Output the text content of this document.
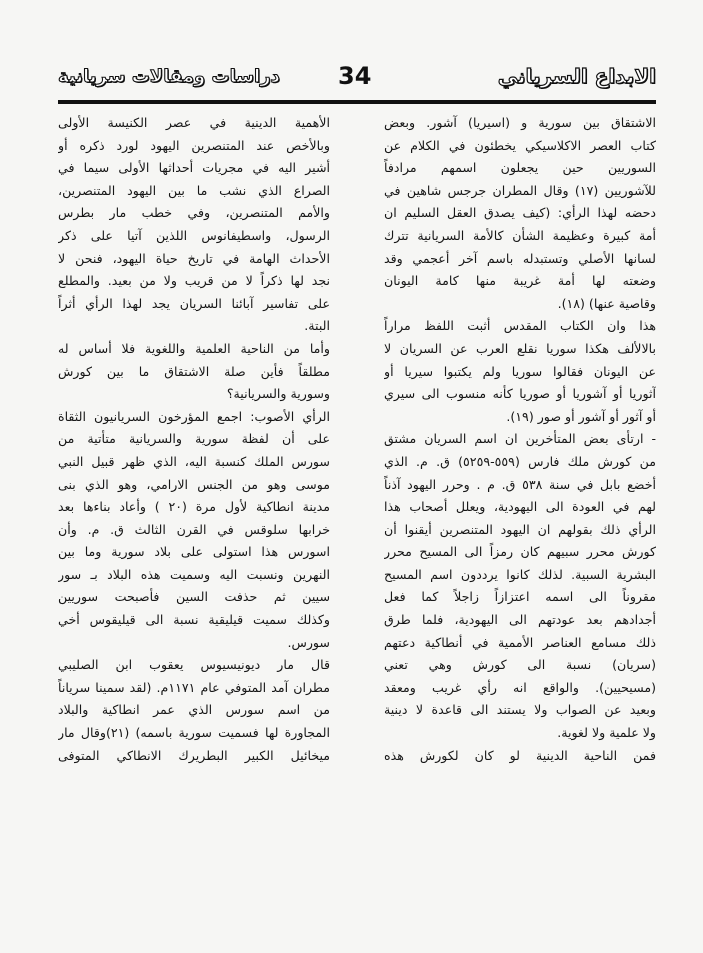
الابداع السرياني
34
دراسات ومقالات سريانية
الاشتقاق بين سورية و (اسيريا) آشور. وبعض
كتاب العصر الاكلاسيكي يخطئون في الكلام عن
السوريين حين يجعلون اسمهم مرادفاً
للآشوريين (١٧) وقال المطران جرجس شاهين في
دحضه لهذا الرأي: (كيف يصدق العقل السليم ان
أمة كبيرة وعظيمة الشأن كالأمة السريانية تترك
لسانها الأصلي وتستبدله باسم آخر أعجمي وقد
وضعته لها أمة غريبة منها كامة اليونان
وقاصية عنها) (١٨).
هذا وان الكتاب المقدس أثبت اللفظ مراراً
بالالألف هكذا سوريا نقلع العرب عن السريان لا
عن اليونان فقالوا سوريا ولم يكتبوا سيريا أو
آثوريا أو آشوريا أو صوريا كأنه منسوب الى سيري
أو آثور أو آشور أو صور (١٩).
- ارتأى بعض المتأخرين ان اسم السريان مشتق
من كورش ملك فارس (٥٥٩-٥٢٥٩) ق. م. الذي
أخضع بابل في سنة ٥٣٨ ق. م . وحرر اليهود آذناً
لهم في العودة الى اليهودية، ويعلل أصحاب هذا
الرأي ذلك بقولهم ان اليهود المتنصرين أيقنوا أن
كورش محرر سبيهم كان رمزاً الى المسيح محرر
البشرية السبية. لذلك كانوا يرددون اسم المسيح
مقروناً الى اسمه اعتزازاً زاجلاً كما فعل
أجدادهم بعد عودتهم الى اليهودية، فلما طرق
ذلك مسامع العناصر الأممية في أنطاكية دعتهم
(سريان) نسبة الى كورش وهي تعني
(مسيحيين). والواقع انه رأي غريب ومعقد
وبعيد عن الصواب ولا يستند الى قاعدة لا دينية
ولا علمية ولا لغوية.
فمن الناحية الدينية لو كان لكورش هذه
الأهمية الدينية في عصر الكنيسة الأولى
وبالأخص عند المتنصرين اليهود لورد ذكره أو
أشير اليه في مجريات أحداثها الأولى سيما في
الصراع الذي نشب ما بين اليهود المتنصرين،
والأمم المتنصرين، وفي خطب مار بطرس
الرسول، واسطيفانوس اللذين آتيا على ذكر
الأحداث الهامة في تاريخ حياة اليهود، فنحن لا
نجد لها ذكراً لا من قريب ولا من بعيد. والمطلع
على تفاسير آبائنا السريان يجد لهذا الرأي أثراً
البتة.
وأما من الناحية العلمية واللغوية فلا أساس له
مطلقاً فأين صلة الاشتقاق ما بين كورش
وسورية والسريانية؟
الرأي الأصوب: اجمع المؤرخون السريانيون الثقاة
على أن لفظة سورية والسريانية متأتية من
سورس الملك كنسبة اليه، الذي ظهر قبيل النبي
موسى وهو من الجنس الارامي، وهو الذي بنى
مدينة انطاكية لأول مرة (٢٠ ) وأعاد بناءها بعد
خرابها سلوقس في القرن الثالث ق. م. وأن
اسورس هذا استولى على بلاد سورية وما بين
النهرين ونسبت اليه وسميت هذه البلاد بـ سور
سيين ثم حذفت السين فأصبحت سوريين
وكذلك سميت قيليقية نسبة الى قيليقوس أخي
سورس.
قال مار ديونيسيوس يعقوب ابن الصليبي
مطران آمد المتوفي عام ١١٧١م. (لقد سمينا سرياناً
من اسم سورس الذي عمر انطاكية والبلاد
المجاورة لها فسميت سورية باسمه) (٢١)وقال مار
ميخائيل الكبير البطريرك الانطاكي المتوفى
